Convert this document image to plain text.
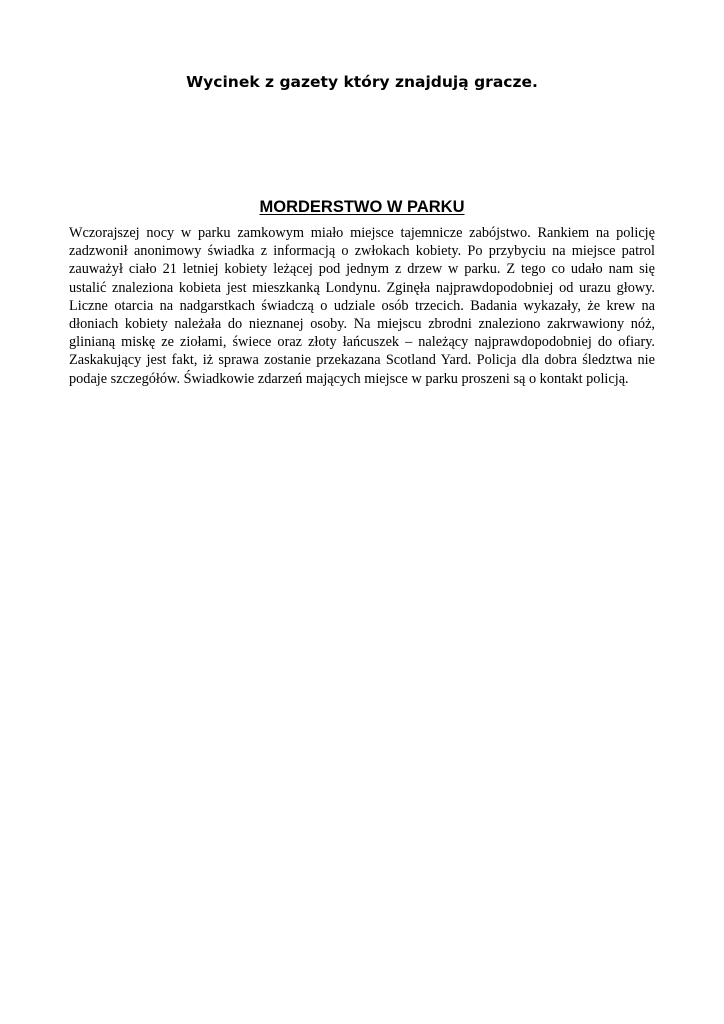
Wycinek z gazety który znajdują gracze.
MORDERSTWO W PARKU
Wczorajszej nocy w parku zamkowym miało miejsce tajemnicze zabójstwo. Rankiem na policję
zadzwonił anonimowy świadka z informacją o zwłokach kobiety. Po przybyciu na miejsce patrol
zauważył ciało 21 letniej kobiety leżącej pod jednym z drzew w parku. Z tego co udało nam się
ustalić znaleziona kobieta jest mieszkanką Londynu. Zginęła najprawdopodobniej od urazu głowy.
Liczne otarcia na nadgarstkach świadczą o udziale osób trzecich. Badania wykazały, że krew na
dłoniach kobiety należała do nieznanej osoby. Na miejscu zbrodni znaleziono zakrwawiony nóż,
glinianą miskę ze ziołami, świece oraz złoty łańcuszek – należący najprawdopodobniej do ofiary.
Zaskakujący jest fakt, iż sprawa zostanie przekazana Scotland Yard. Policja dla dobra śledztwa nie
podaje szczegółów. Świadkowie zdarzeń mających miejsce w parku proszeni są o kontakt policją.
